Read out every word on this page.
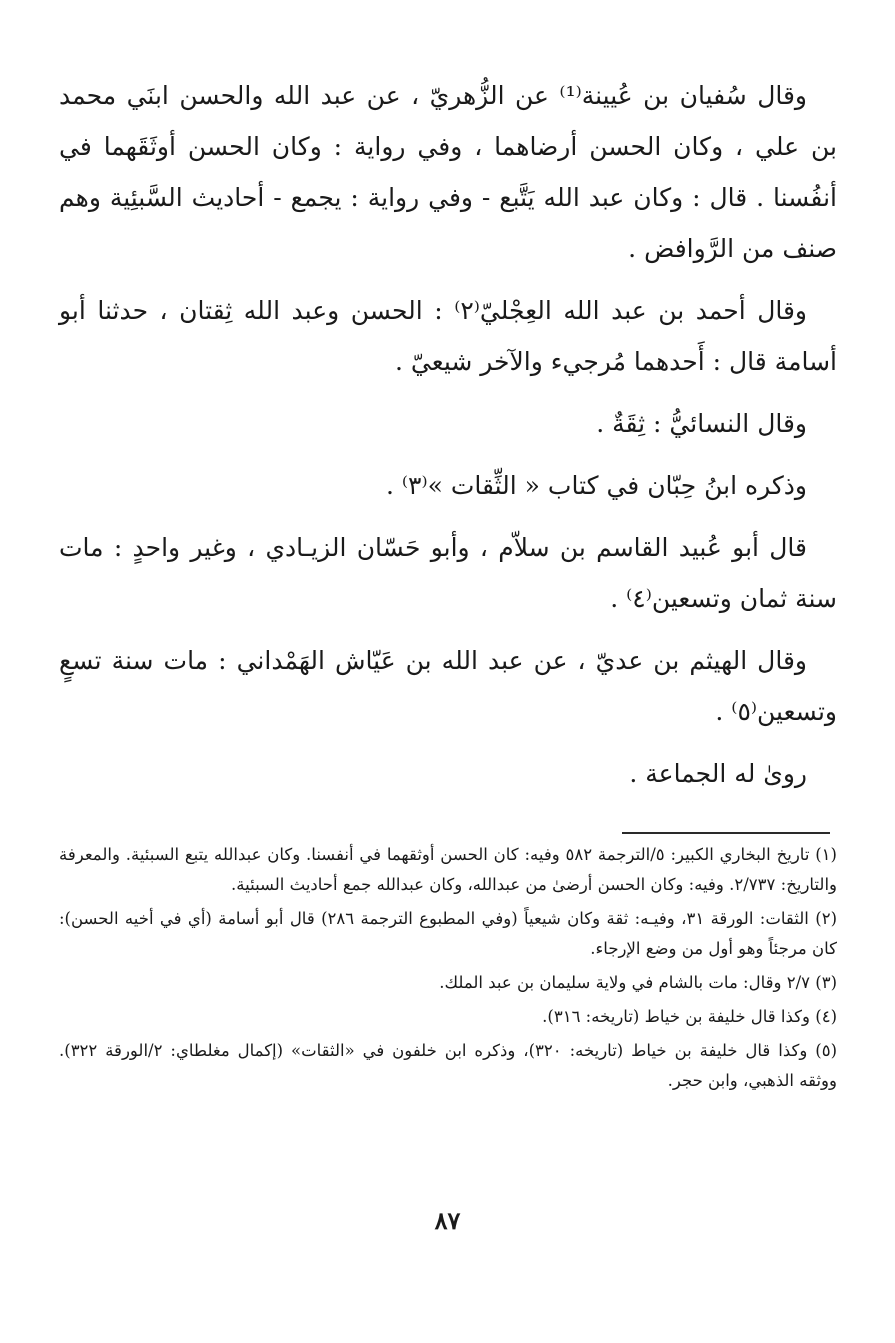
وقال سُفيان بن عُيينة⁽¹⁾ عن الزُّهريّ ، عن عبد الله والحسن ابنَي محمد بن علي ، وكان الحسن أرضاهما ، وفي رواية : وكان الحسن أوثَقَهما في أنفُسنا . قال : وكان عبد الله يَتَّبع - وفي رواية : يجمع - أحاديث السَّبئِية وهم صنف من الرَّوافض .

وقال أحمد بن عبد الله العِجْليّ⁽٢⁾ : الحسن وعبد الله ثِقتان ، حدثنا أبو أسامة قال : أَحدهما مُرجيء والآخر شيعيّ .

وقال النسائيُّ : ثِقَةٌ .

وذكره ابنُ حِبّان في كتاب « الثِّقات »⁽٣⁾ .

قال أبو عُبيد القاسم بن سلاّم ، وأبو حَسّان الزيـادي ، وغير واحدٍ : مات سنة ثمان وتسعين⁽٤⁾ .

وقال الهيثم بن عديّ ، عن عبد الله بن عَيّاش الهَمْداني : مات سنة تسعٍ وتسعين⁽٥⁾ .

روىٰ له الجماعة .

(١) تاريخ البخاري الكبير: ٥/الترجمة ٥٨٢ وفيه: كان الحسن أوثقهما في أنفسنا. وكان عبدالله يتبع السبئية. والمعرفة والتاريخ: ٢/٧٣٧. وفيه: وكان الحسن أرضىٰ من عبدالله، وكان عبدالله جمع أحاديث السبئية.

(٢) الثقات: الورقة ٣١، وفيـه: ثقة وكان شيعياً (وفي المطبوع الترجمة ٢٨٦) قال أبو أسامة (أي في أخيه الحسن): كان مرجئاً وهو أول من وضع الإرجاء.

(٣) ٢/٧ وقال: مات بالشام في ولاية سليمان بن عبد الملك.

(٤) وكذا قال خليفة بن خياط (تاريخه: ٣١٦).

(٥) وكذا قال خليفة بن خياط (تاريخه: ٣٢٠)، وذكره ابن خلفون في «الثقات» (إكمال مغلطاي: ٢/الورقة ٣٢٢). ووثقه الذهبي، وابن حجر.

٨٧
